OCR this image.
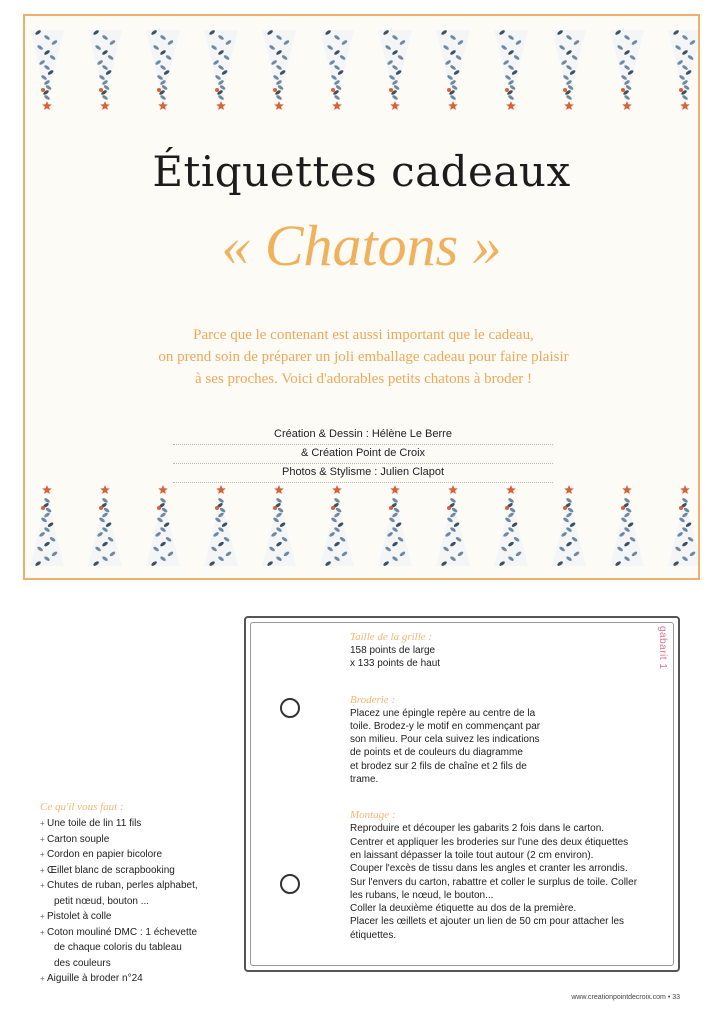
Étiquettes cadeaux
« Chatons »
Parce que le contenant est aussi important que le cadeau,
on prend soin de préparer un joli emballage cadeau pour faire plaisir
à ses proches. Voici d'adorables petits chatons à broder !
Création & Dessin : Hélène Le Berre
& Création Point de Croix
Photos & Stylisme : Julien Clapot
gabarit 1
Taille de la grille :
158 points de large
x 133 points de haut
Broderie :
Placez une épingle repère au centre de la
toile. Brodez-y le motif en commençant par
son milieu. Pour cela suivez les indications
de points et de couleurs du diagramme
et brodez sur 2 fils de chaîne et 2 fils de
trame.
Montage :
Reproduire et découper les gabarits 2 fois dans le carton.
Centrer et appliquer les broderies sur l'une des deux étiquettes
en laissant dépasser la toile tout autour (2 cm environ).
Couper l'excès de tissu dans les angles et cranter les arrondis.
Sur l'envers du carton, rabattre et coller le surplus de toile. Coller
les rubans, le nœud, le bouton...
Coller la deuxième étiquette au dos de la première.
Placer les œillets et ajouter un lien de 50 cm pour attacher les
étiquettes.
Ce qu'il vous faut :
+ Une toile de lin 11 fils
+ Carton souple
+ Cordon en papier bicolore
+ Œillet blanc de scrapbooking
+ Chutes de ruban, perles alphabet,
petit nœud, bouton ...
+ Pistolet à colle
+ Coton mouliné DMC : 1 échevette
de chaque coloris du tableau
des couleurs
+ Aiguille à broder n°24
www.creationpointdecroix.com • 33
